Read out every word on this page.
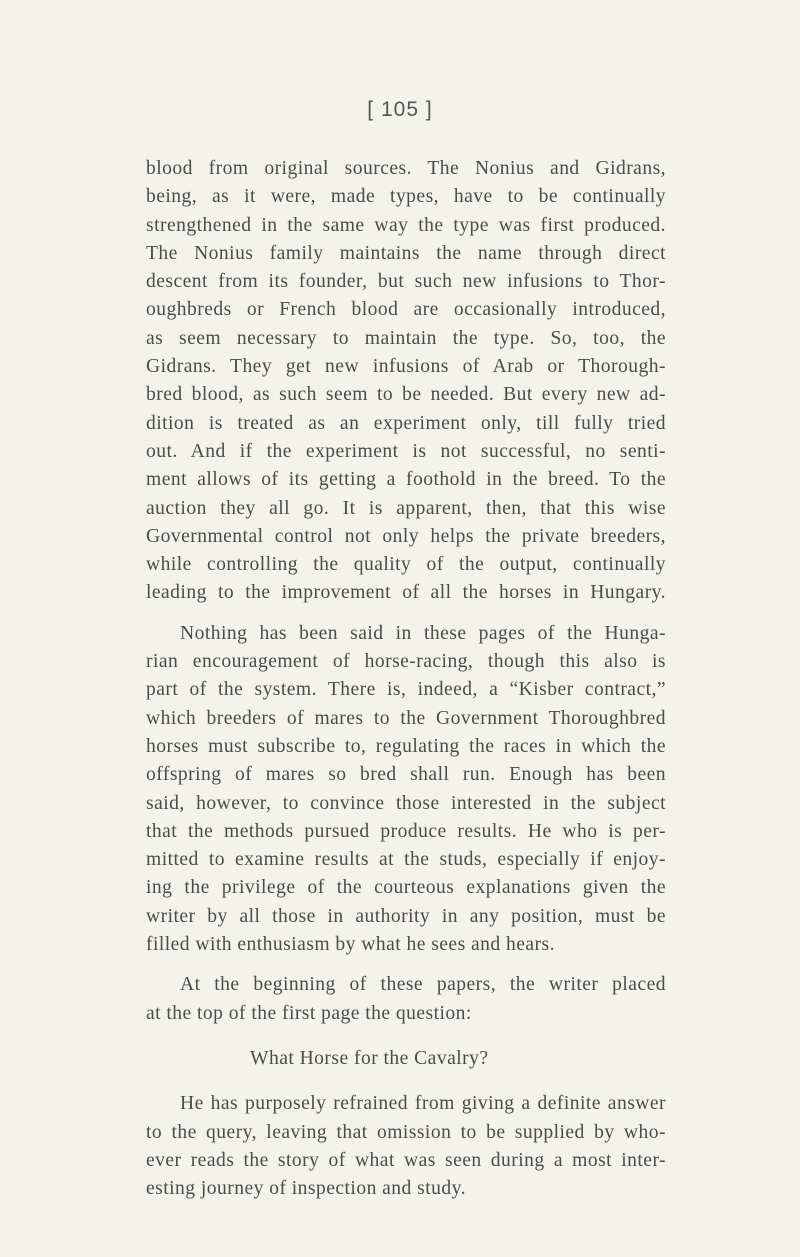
[ 105 ]
blood from original sources. The Nonius and Gidrans,
being, as it were, made types, have to be continually
strengthened in the same way the type was first produced.
The Nonius family maintains the name through direct
descent from its founder, but such new infusions to Thor-
oughbreds or French blood are occasionally introduced,
as seem necessary to maintain the type. So, too, the
Gidrans. They get new infusions of Arab or Thorough-
bred blood, as such seem to be needed. But every new ad-
dition is treated as an experiment only, till fully tried
out. And if the experiment is not successful, no senti-
ment allows of its getting a foothold in the breed. To the
auction they all go. It is apparent, then, that this wise
Governmental control not only helps the private breeders,
while controlling the quality of the output, continually
leading to the improvement of all the horses in Hungary.
Nothing has been said in these pages of the Hunga-
rian encouragement of horse-racing, though this also is
part of the system. There is, indeed, a “Kisber contract,”
which breeders of mares to the Government Thoroughbred
horses must subscribe to, regulating the races in which the
offspring of mares so bred shall run. Enough has been
said, however, to convince those interested in the subject
that the methods pursued produce results. He who is per-
mitted to examine results at the studs, especially if enjoy-
ing the privilege of the courteous explanations given the
writer by all those in authority in any position, must be
filled with enthusiasm by what he sees and hears.
At the beginning of these papers, the writer placed
at the top of the first page the question:
What Horse for the Cavalry?
He has purposely refrained from giving a definite answer
to the query, leaving that omission to be supplied by who-
ever reads the story of what was seen during a most inter-
esting journey of inspection and study.
